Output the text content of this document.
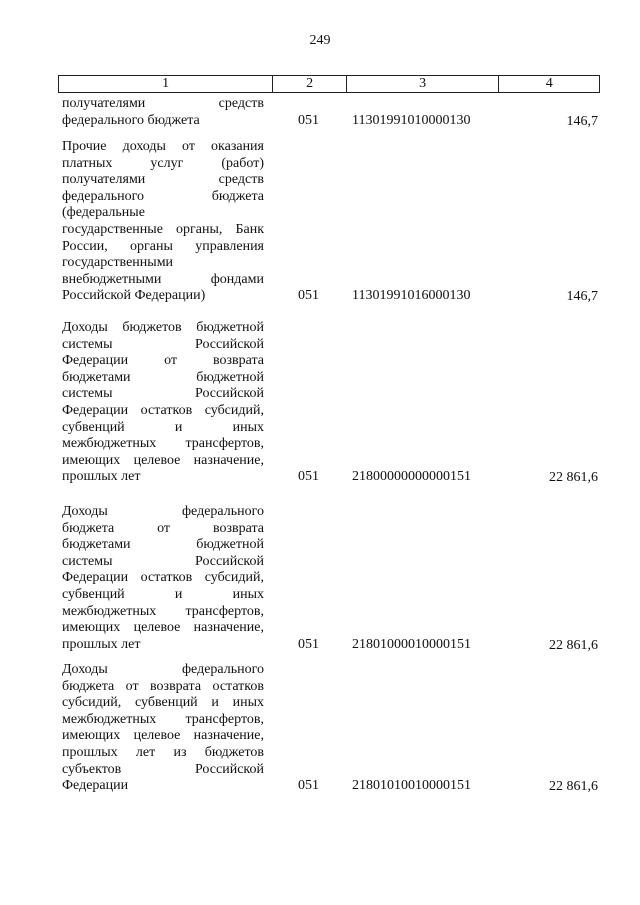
249
1	2	3	4
получателями средств
федерального бюджета	051	11301991010000130	146,7
Прочие доходы от оказания
платных услуг (работ)
получателями средств
федерального бюджета
(федеральные
государственные органы, Банк
России, органы управления
государственными
внебюджетными фондами
Российской Федерации)	051	11301991016000130	146,7
Доходы бюджетов бюджетной
системы Российской
Федерации от возврата
бюджетами бюджетной
системы Российской
Федерации остатков субсидий,
субвенций и иных
межбюджетных трансфертов,
имеющих целевое назначение,
прошлых лет	051	21800000000000151	22 861,6
Доходы федерального
бюджета от возврата
бюджетами бюджетной
системы Российской
Федерации остатков субсидий,
субвенций и иных
межбюджетных трансфертов,
имеющих целевое назначение,
прошлых лет	051	21801000010000151	22 861,6
Доходы федерального
бюджета от возврата остатков
субсидий, субвенций и иных
межбюджетных трансфертов,
имеющих целевое назначение,
прошлых лет из бюджетов
субъектов Российской
Федерации	051	21801010010000151	22 861,6
